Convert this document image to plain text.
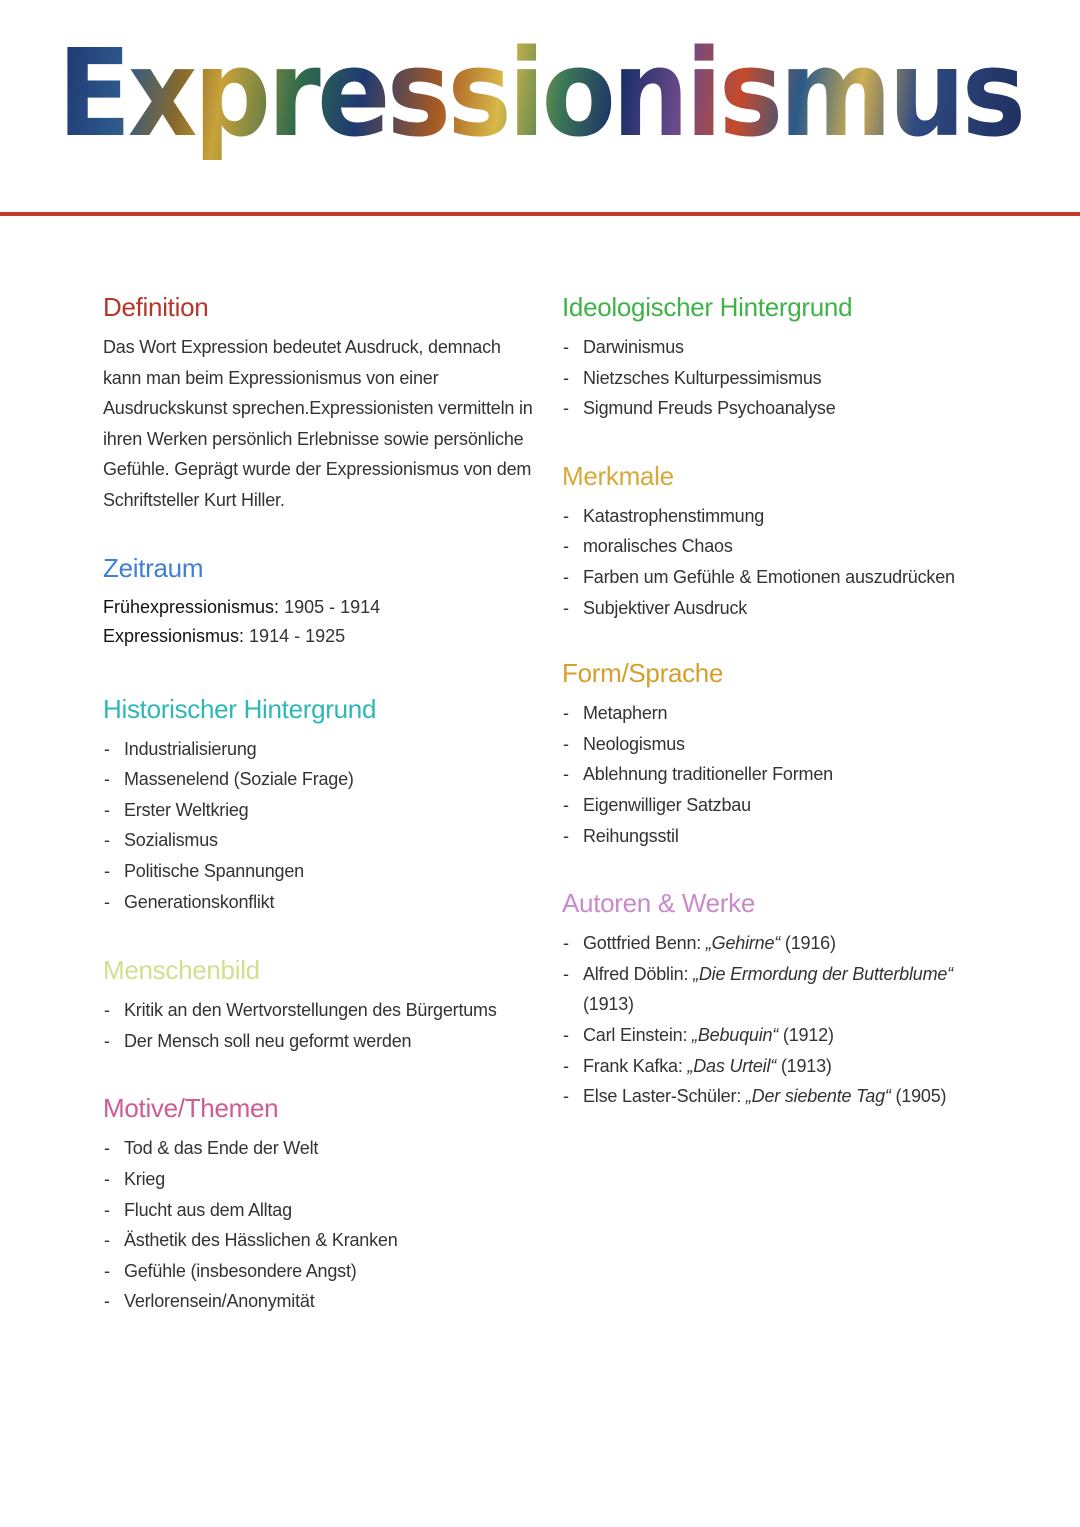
Expressionismus
Definition

Das Wort Expression bedeutet Ausdruck, demnach kann man beim Expressionismus von einer Ausdruckskunst sprechen.Expressionisten vermitteln in ihren Werken persönlich Erlebnisse sowie persönliche Gefühle. Geprägt wurde der Expressionismus von dem Schriftsteller Kurt Hiller.

Zeitraum
Frühexpressionismus: 1905 - 1914
Expressionismus: 1914 - 1925
Historischer Hintergrund
- Industrialisierung
- Massenelend (Soziale Frage)
- Erster Weltkrieg
- Sozialismus
- Politische Spannungen
- Generationskonflikt
Menschenbild
- Kritik an den Wertvorstellungen des Bürgertums
- Der Mensch soll neu geformt werden
Motive/Themen
- Tod & das Ende der Welt
- Krieg
- Flucht aus dem Alltag
- Ästhetik des Hässlichen & Kranken
- Gefühle (insbesondere Angst)
- Verlorensein/Anonymität
Ideologischer Hintergrund
- Darwinismus
- Nietzsches Kulturpessimismus
- Sigmund Freuds Psychoanalyse
Merkmale
- Katastrophenstimmung
- moralisches Chaos
- Farben um Gefühle & Emotionen auszudrücken
- Subjektiver Ausdruck
Form/Sprache
- Metaphern
- Neologismus
- Ablehnung traditioneller Formen
- Eigenwilliger Satzbau
- Reihungsstil
Autoren & Werke
- Gottfried Benn: „Gehirne“ (1916)
- Alfred Döblin: „Die Ermordung der Butterblume“ (1913)
- Carl Einstein: „Bebuquin“ (1912)
- Frank Kafka: „Das Urteil“ (1913)
- Else Laster-Schüler: „Der siebente Tag“ (1905)
